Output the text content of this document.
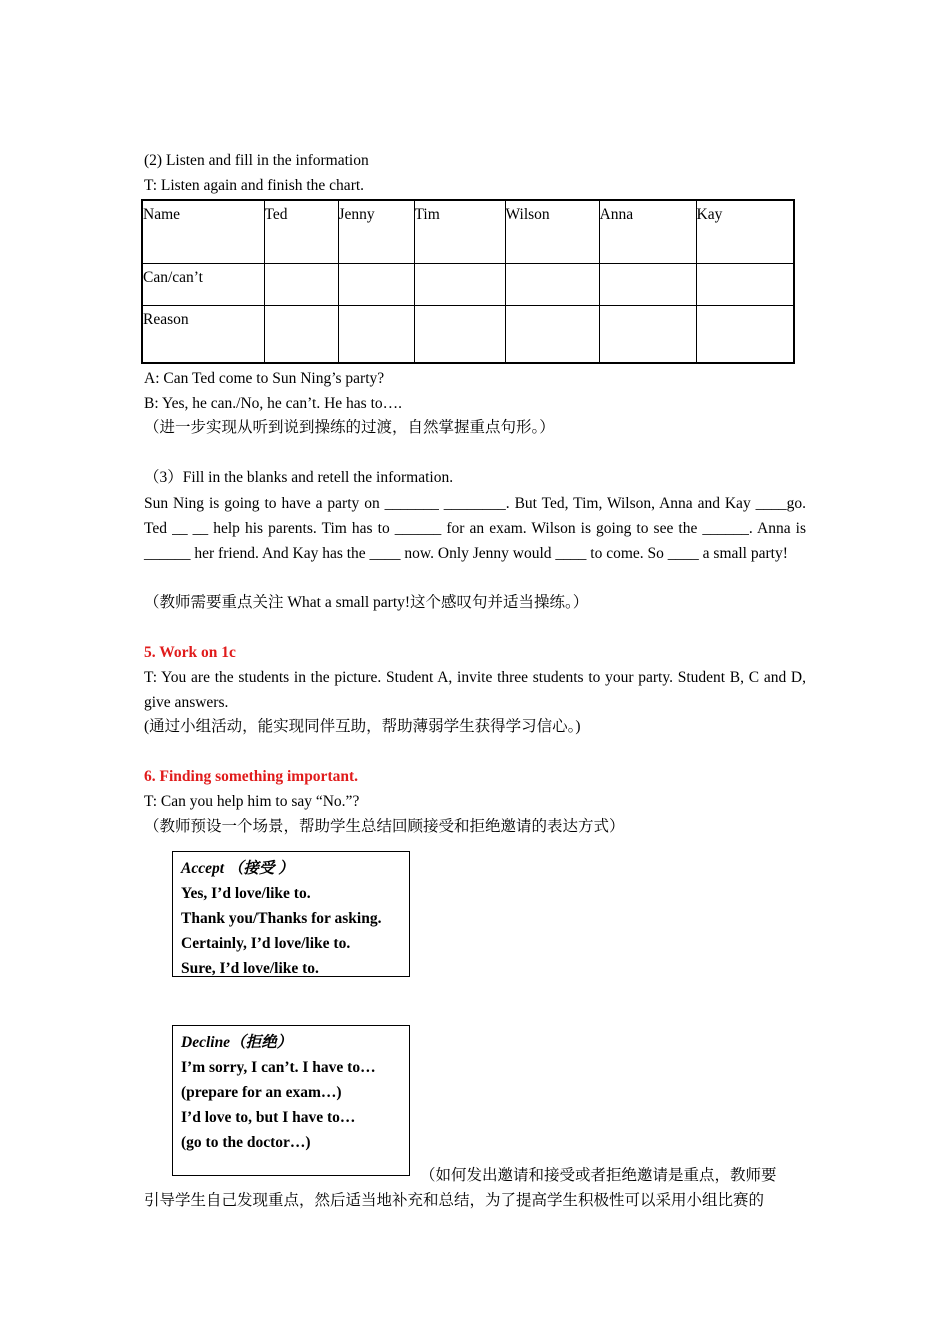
(2) Listen and fill in the information
T: Listen again and finish the chart.
Name	Ted	Jenny	Tim	Wilson	Anna	Kay
Can/can’t						
Reason						
A: Can Ted come to Sun Ning’s party?
B: Yes, he can./No, he can’t. He has to….
（进一步实现从听到说到操练的过渡，自然掌握重点句形。）
（3）Fill in the blanks and retell the information.
Sun Ning is going to have a party on _______ ________. But Ted, Tim, Wilson, Anna and Kay ____go. Ted __ __ help his parents. Tim has to ______ for an exam. Wilson is going to see the ______. Anna is ______ her friend. And Kay has the ____ now. Only Jenny would ____ to come. So ____ a small party!
（教师需要重点关注 What a small party!这个感叹句并适当操练。）
5. Work on 1c
T: You are the students in the picture. Student A, invite three students to your party. Student B, C and D, give answers.
(通过小组活动，能实现同伴互助，帮助薄弱学生获得学习信心。)
6. Finding something important.
T: Can you help him to say “No.”?
（教师预设一个场景，帮助学生总结回顾接受和拒绝邀请的表达方式）
Accept （接受 ）
Yes, I’d love/like to.
Thank you/Thanks for asking.
Certainly, I’d love/like to.
Sure, I’d love/like to.
Decline（拒绝）
I’m sorry, I can’t. I have to…
(prepare for an exam…)
I’d love to, but I have to…
(go to the doctor…)
（如何发出邀请和接受或者拒绝邀请是重点，教师要
引导学生自己发现重点，然后适当地补充和总结，为了提高学生积极性可以采用小组比赛的
